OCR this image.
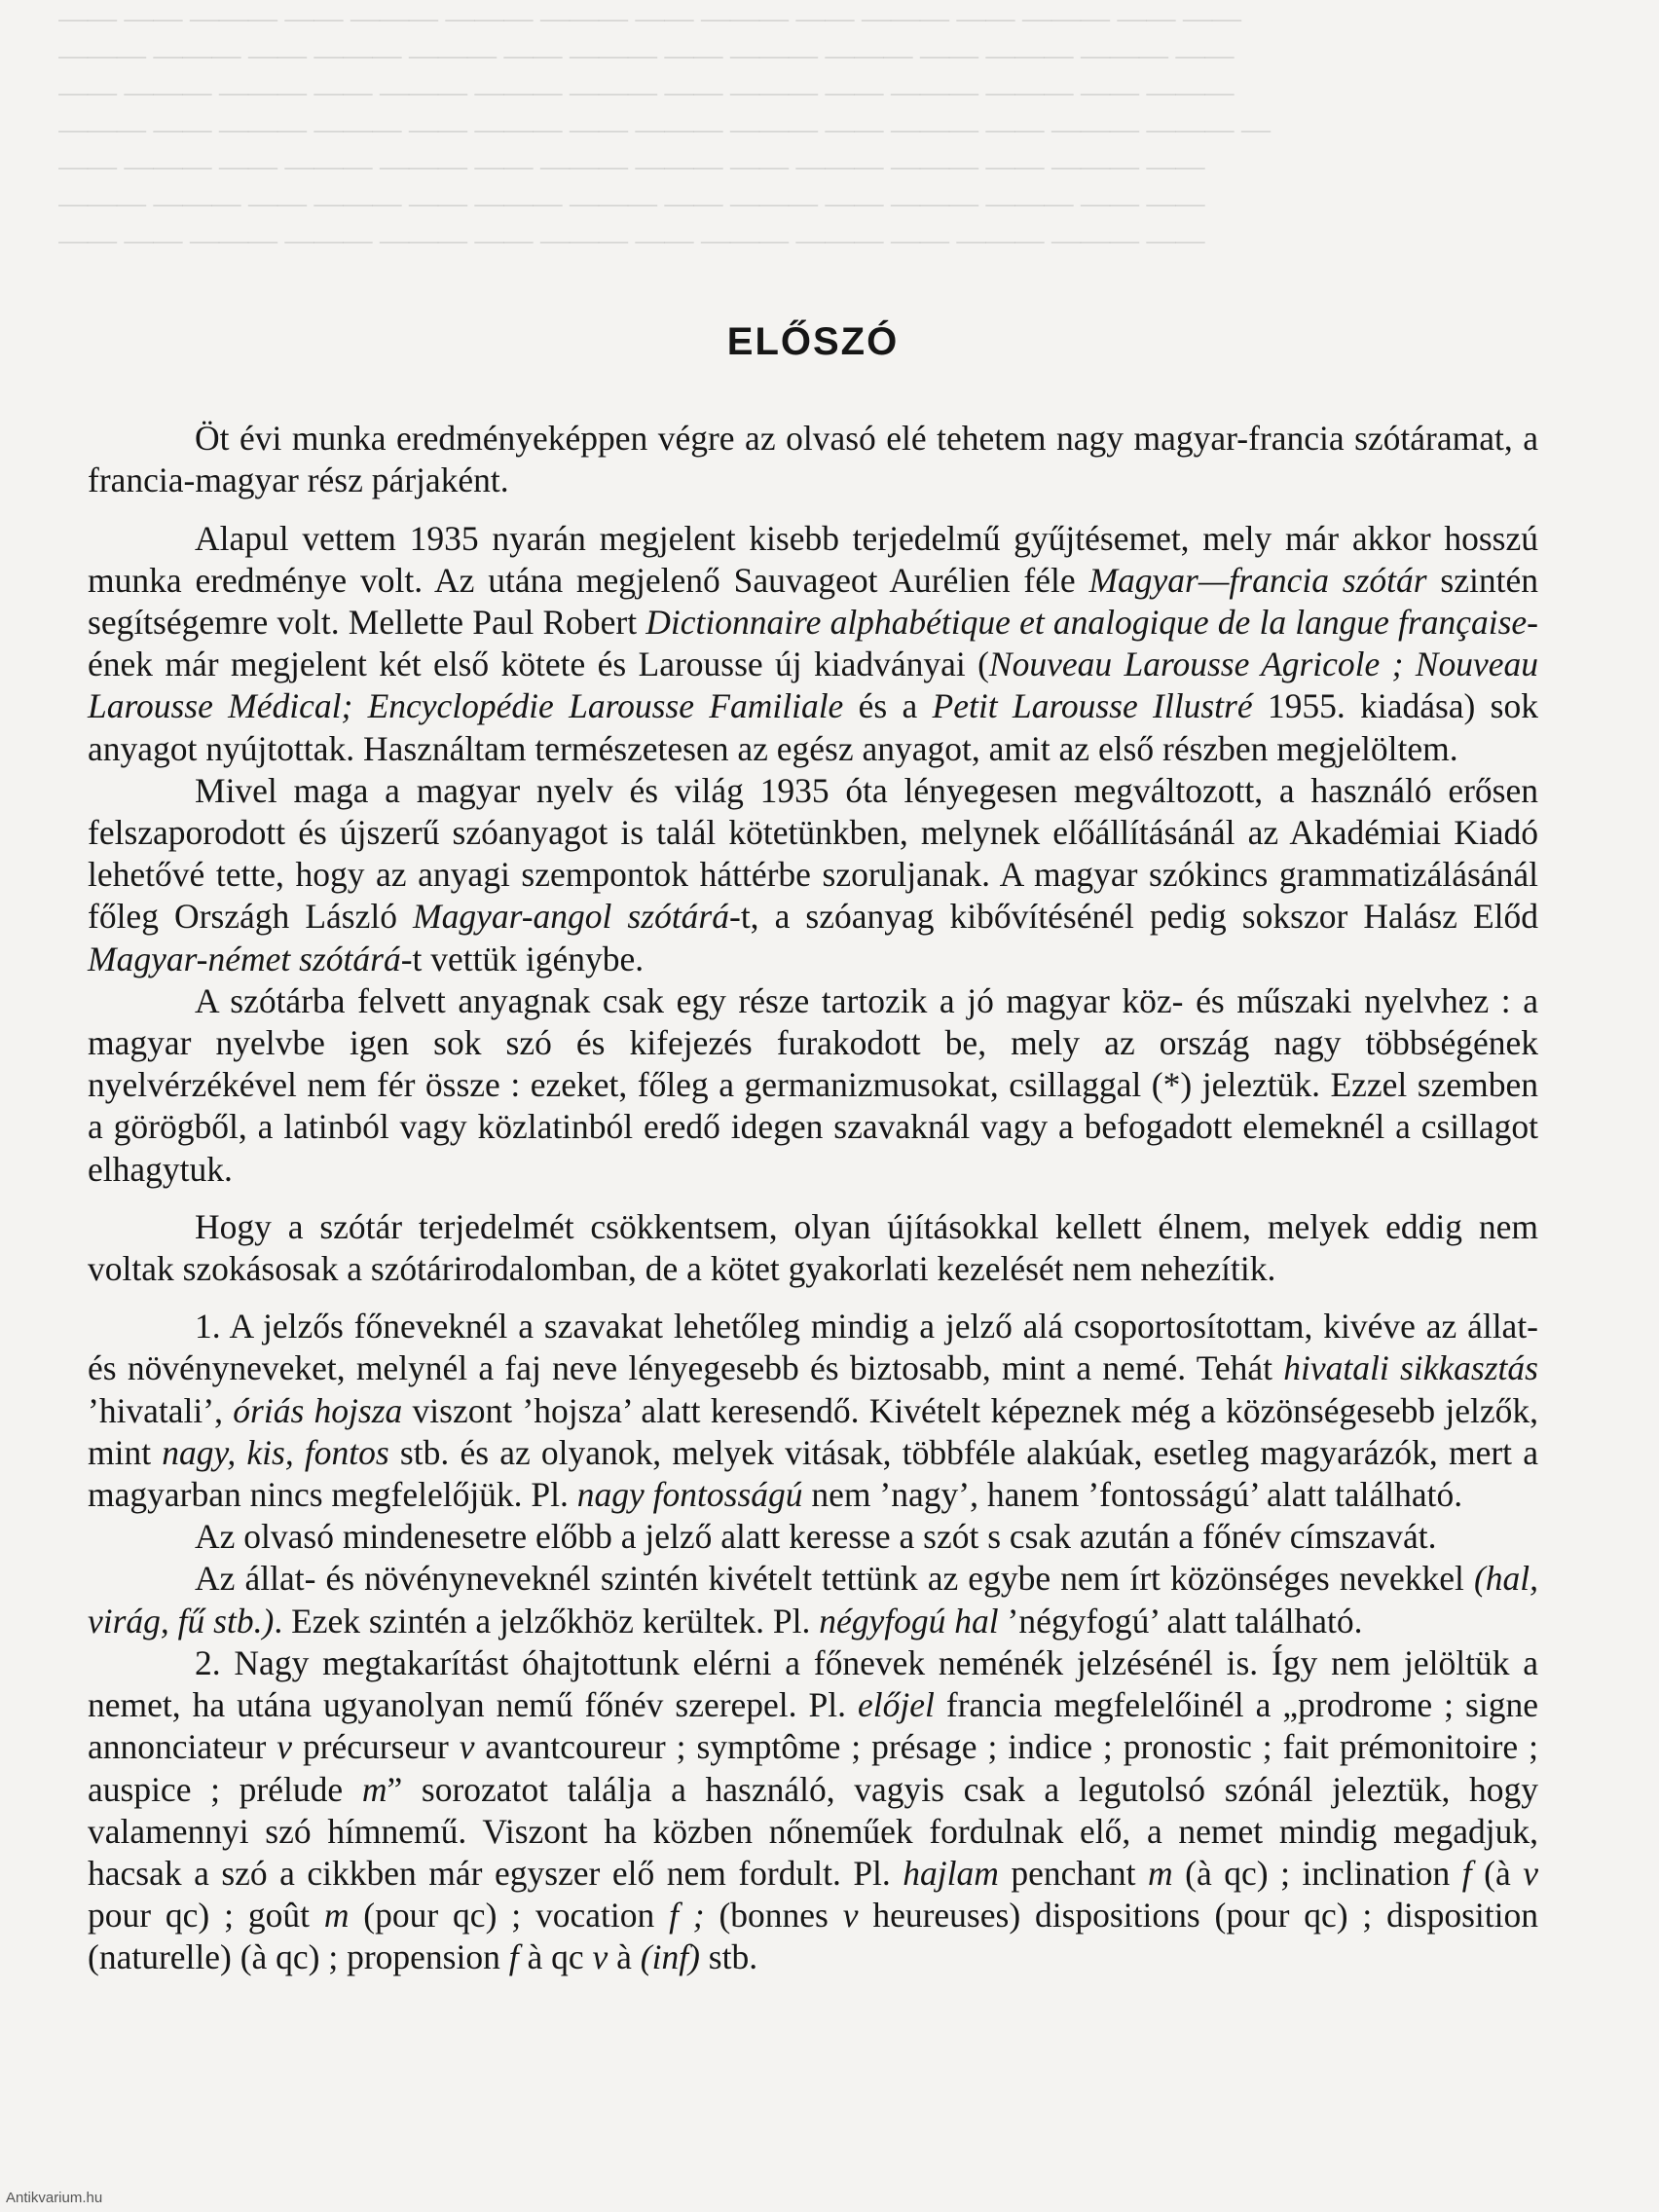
—— —— ——— —— ——— ——— ——— —— ——— —— ——— —— ——— —— ——
——— ——— —— ——— ——— —— ——— —— ——— ——— —— ——— ——— ——
—— ——— ——— —— ——— ——— ——— —— ——— —— ——— ——— —— ———
——— —— ——— ——— —— ——— —— ——— ——— —— ——— —— ——— ——— —
—— ——— —— ——— ——— —— ——— ——— —— ——— ——— —— ——— ——
——— ——— —— ——— —— ——— ——— —— ——— —— ——— ——— —— ——
—— —— ——— ——— ——— —— ——— —— ——— ——— —— ——— ——— ——
ELŐSZÓ

Öt évi munka eredményeképpen végre az olvasó elé tehetem nagy magyar-francia szótáramat, a francia-magyar rész párjaként.

Alapul vettem 1935 nyarán megjelent kisebb terjedelmű gyűjtésemet, mely már akkor hosszú munka eredménye volt. Az utána megjelenő Sauvageot Aurélien féle Magyar—francia szótár szintén segítségemre volt. Mellette Paul Robert Dictionnaire alphabétique et analogique de la langue française-ének már megjelent két első kötete és Larousse új kiadványai (Nouveau Larousse Agricole ; Nouveau Larousse Médical; Encyclopédie Larousse Familiale és a Petit Larousse Illustré 1955. kiadása) sok anyagot nyújtottak. Használtam természetesen az egész anyagot, amit az első részben megjelöltem.

Mivel maga a magyar nyelv és világ 1935 óta lényegesen megváltozott, a használó erősen felszaporodott és újszerű szóanyagot is talál kötetünkben, melynek előállításánál az Akadémiai Kiadó lehetővé tette, hogy az anyagi szempontok háttérbe szoruljanak. A magyar szókincs grammatizálásánál főleg Országh László Magyar-angol szótárá-t, a szóanyag kibővítésénél pedig sokszor Halász Előd Magyar-német szótárá-t vettük igénybe.

A szótárba felvett anyagnak csak egy része tartozik a jó magyar köz- és műszaki nyelvhez : a magyar nyelvbe igen sok szó és kifejezés furakodott be, mely az ország nagy többségének nyelvérzékével nem fér össze : ezeket, főleg a germanizmusokat, csillaggal (*) jeleztük. Ezzel szemben a görögből, a latinból vagy közlatinból eredő idegen szavaknál vagy a befogadott elemeknél a csillagot elhagytuk.

Hogy a szótár terjedelmét csökkentsem, olyan újításokkal kellett élnem, melyek eddig nem voltak szokásosak a szótárirodalomban, de a kötet gyakorlati kezelését nem nehezítik.

1. A jelzős főneveknél a szavakat lehetőleg mindig a jelző alá csoportosítottam, kivéve az állat- és növényneveket, melynél a faj neve lényegesebb és biztosabb, mint a nemé. Tehát hivatali sikkasztás ’hivatali’, óriás hojsza viszont ’hojsza’ alatt keresendő. Kivételt képeznek még a közönségesebb jelzők, mint nagy, kis, fontos stb. és az olyanok, melyek vitásak, többféle alakúak, esetleg magyarázók, mert a magyarban nincs megfelelőjük. Pl. nagy fontosságú nem ’nagy’, hanem ’fontosságú’ alatt található.

Az olvasó mindenesetre előbb a jelző alatt keresse a szót s csak azután a főnév címszavát.

Az állat- és növényneveknél szintén kivételt tettünk az egybe nem írt közönséges nevekkel (hal, virág, fű stb.). Ezek szintén a jelzőkhöz kerültek. Pl. négyfogú hal ’négyfogú’ alatt található.

2. Nagy megtakarítást óhajtottunk elérni a főnevek neménék jelzésénél is. Így nem jelöltük a nemet, ha utána ugyanolyan nemű főnév szerepel. Pl. előjel francia megfelelőinél a „prodrome ; signe annonciateur v précurseur v avantcoureur ; symptôme ; présage ; indice ; pronostic ; fait prémonitoire ; auspice ; prélude m” sorozatot találja a használó, vagyis csak a legutolsó szónál jeleztük, hogy valamennyi szó hímnemű. Viszont ha közben nőneműek fordulnak elő, a nemet mindig megadjuk, hacsak a szó a cikkben már egyszer elő nem fordult. Pl. hajlam penchant m (à qc) ; inclination f (à v pour qc) ; goût m (pour qc) ; vocation f ; (bonnes v heureuses) dispositions (pour qc) ; disposition (naturelle) (à qc) ; propension f à qc v à (inf) stb.

Antikvarium.hu
